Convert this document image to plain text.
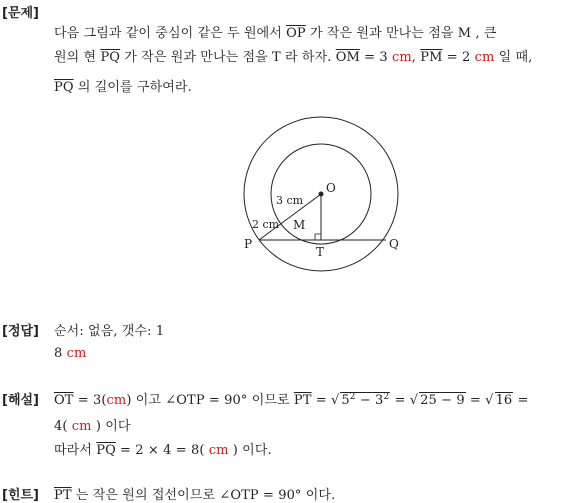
[문제]
다음 그림과 같이 중심이 같은 두 원에서 $\overline{OP}$ 가 작은 원과 만나는 점을 M , 큰
원의 현 $\overline{PQ}$ 가 작은 원과 만나는 점을 T 라 하자. $\overline{OM} = 3$ cm, $\overline{PM} = 2$ cm 일 때,
$\overline{PQ}$ 의 길이를 구하여라.
O
M
P
T
Q
3 cm
2 cm
[정답] 순서: 없음, 갯수: 1
8 cm
[해설] $\overline{OT} = 3(cm)$ 이고 ∠OTP = 90° 이므로 $\overline{PT}$ = √ $5^2 - 3^2$ = √ 25 − 9 = √ 16 =
4( cm ) 이다
따라서 $\overline{PQ} = 2 \times 4 = 8$( cm ) 이다.
[힌트] $\overline{PT}$ 는 작은 원의 접선이므로 ∠OTP = 90° 이다.
